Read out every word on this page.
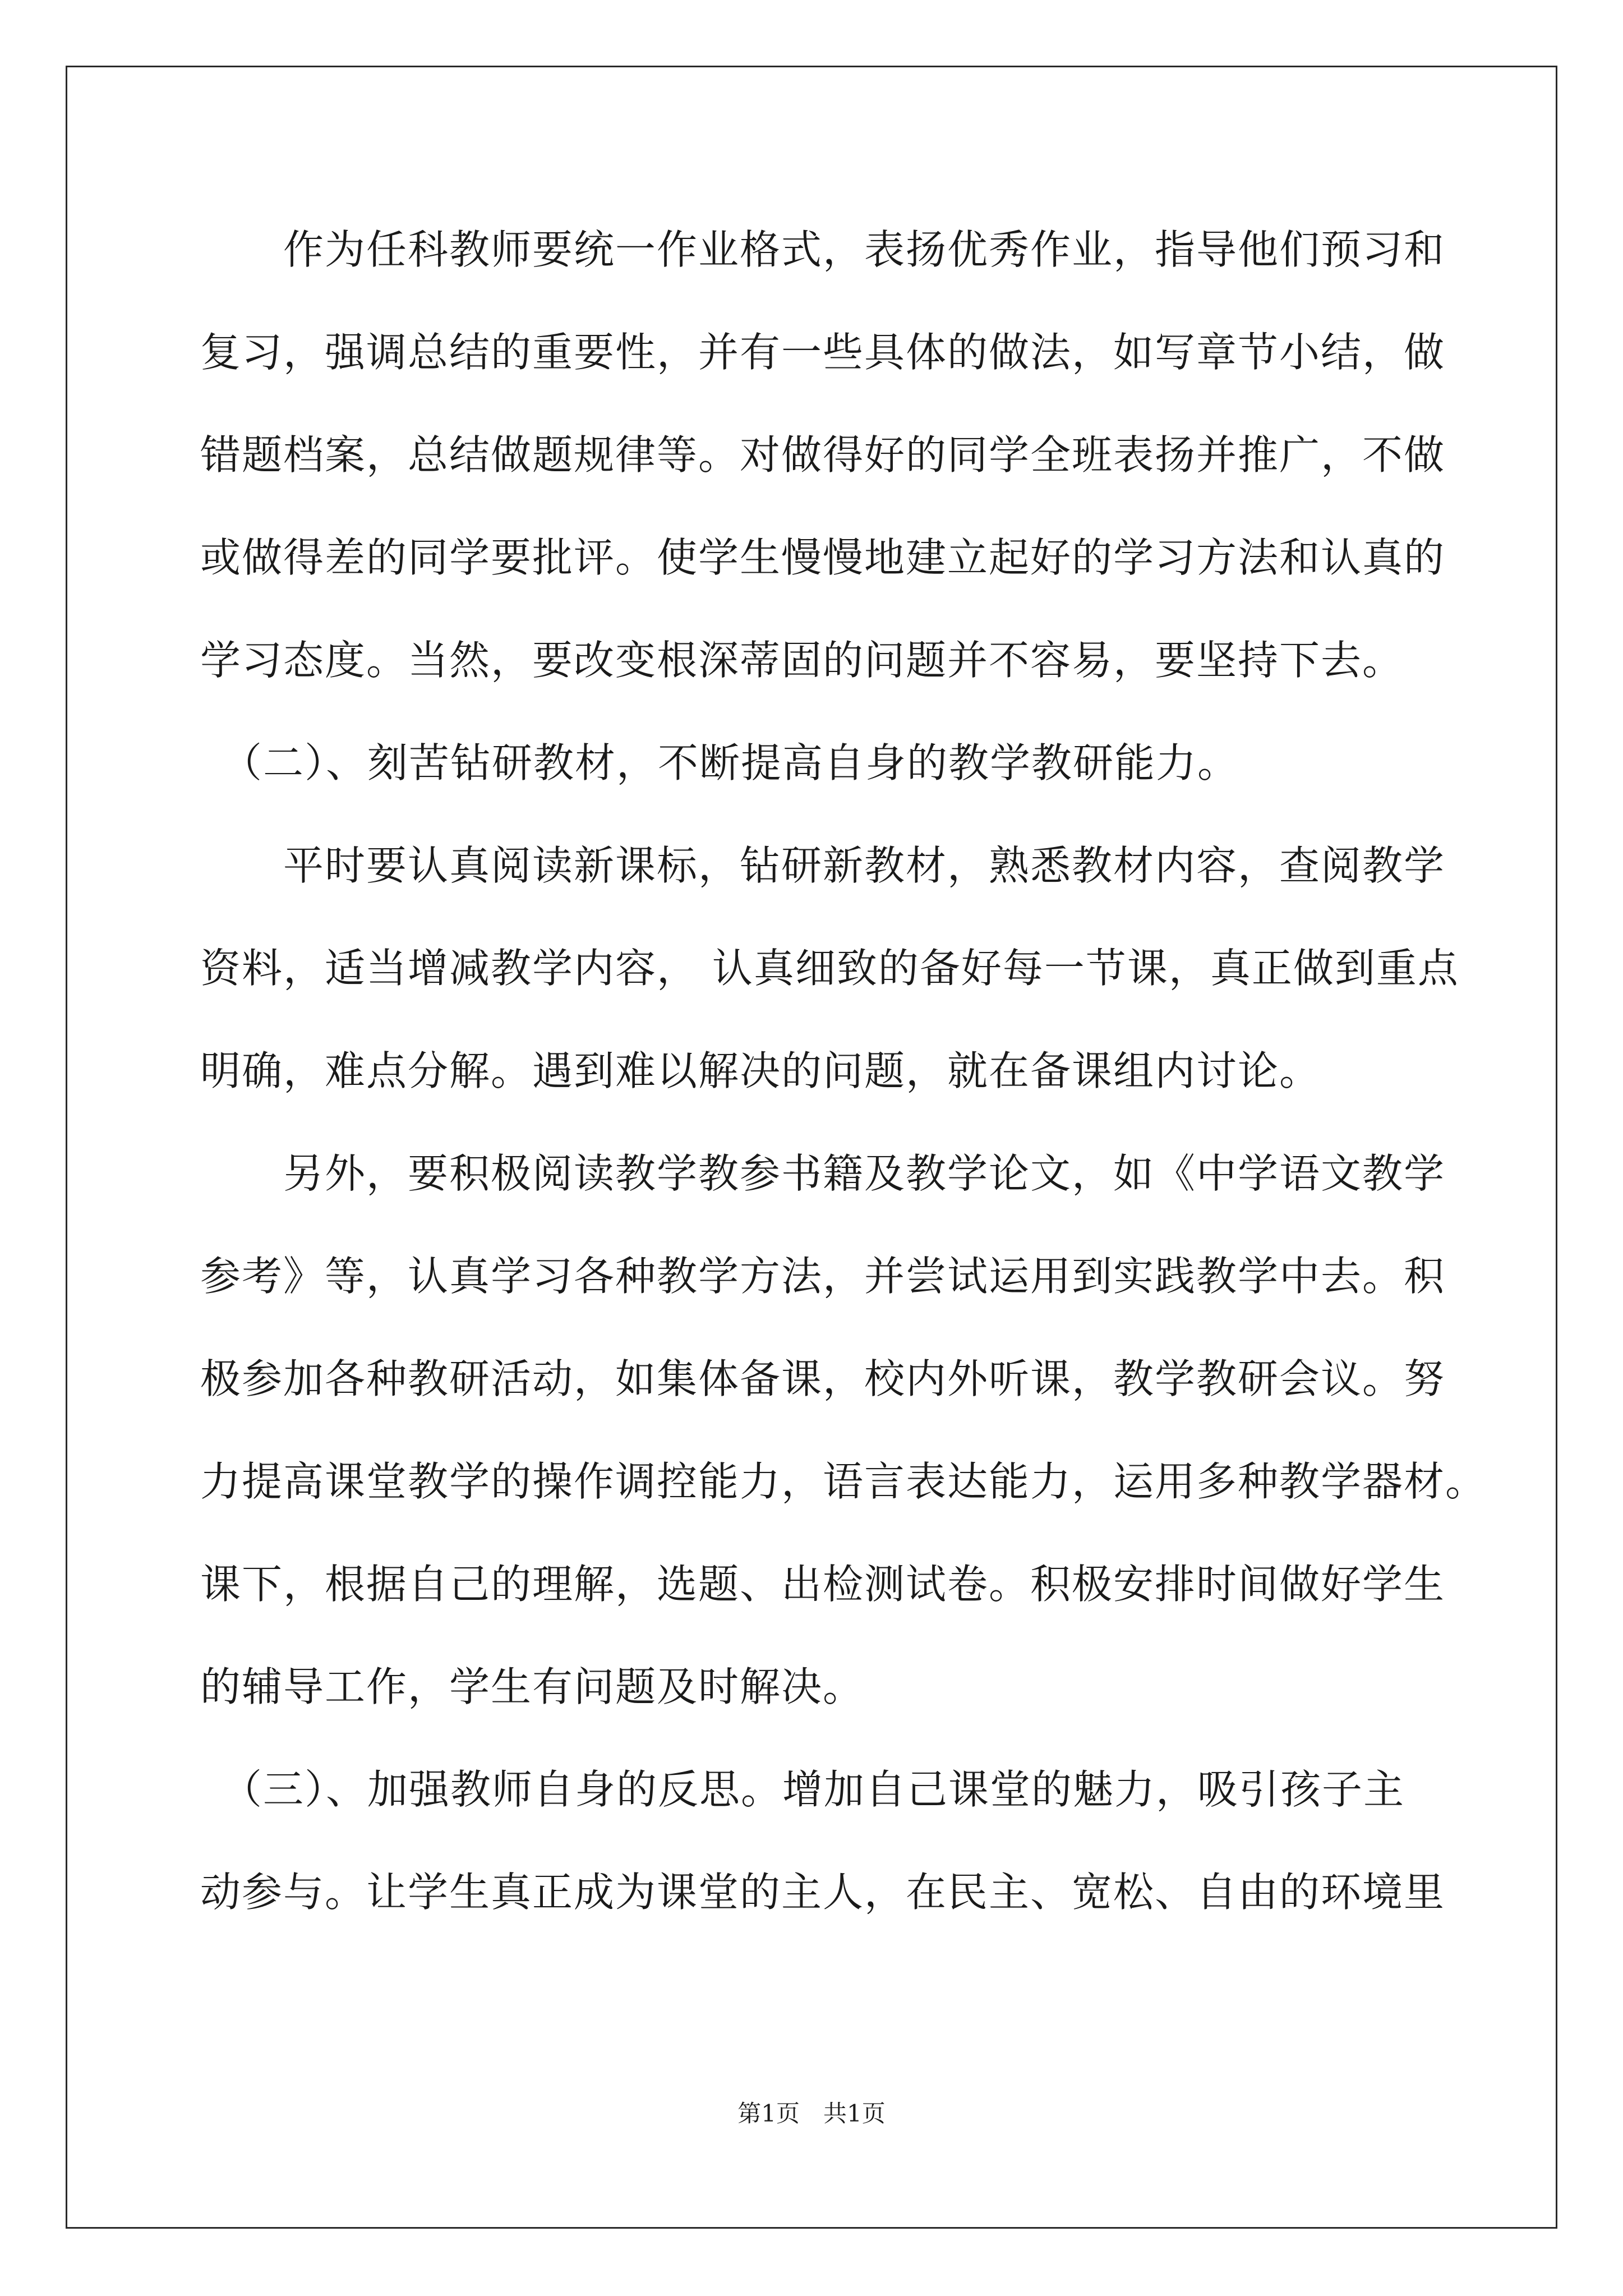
　　作为任科教师要统一作业格式，表扬优秀作业，指导他们预习和
复习，强调总结的重要性，并有一些具体的做法，如写章节小结，做
错题档案，总结做题规律等。对做得好的同学全班表扬并推广，不做
或做得差的同学要批评。使学生慢慢地建立起好的学习方法和认真的
学习态度。当然，要改变根深蒂固的问题并不容易，要坚持下去。
　（二）、刻苦钻研教材，不断提高自身的教学教研能力。
　　平时要认真阅读新课标，钻研新教材，熟悉教材内容，查阅教学
资料，适当增减教学内容， 认真细致的备好每一节课，真正做到重点
明确，难点分解。遇到难以解决的问题，就在备课组内讨论。
　　另外，要积极阅读教学教参书籍及教学论文，如《中学语文教学
参考》等，认真学习各种教学方法，并尝试运用到实践教学中去。积
极参加各种教研活动，如集体备课，校内外听课，教学教研会议。努
力提高课堂教学的操作调控能力，语言表达能力，运用多种教学器材。
课下，根据自己的理解，选题、出检测试卷。积极安排时间做好学生
的辅导工作，学生有问题及时解决。
　（三）、加强教师自身的反思。增加自己课堂的魅力，吸引孩子主
动参与。让学生真正成为课堂的主人，在民主、宽松、自由的环境里
第1页　共1页
